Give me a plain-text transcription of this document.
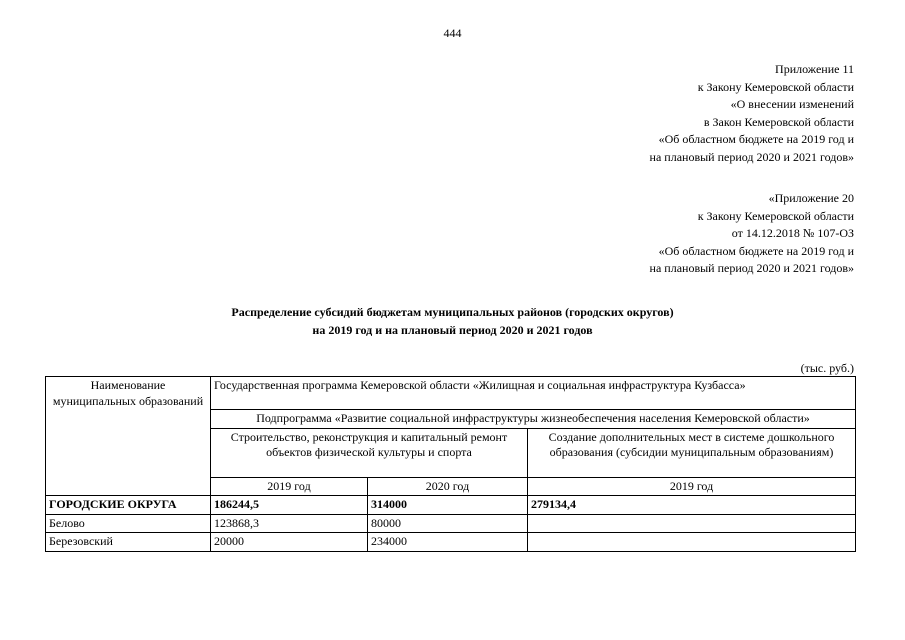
444
Приложение 11
к Закону Кемеровской области
«О внесении изменений
в Закон Кемеровской области
«Об областном бюджете на 2019 год и
на плановый период 2020 и 2021 годов»
«Приложение 20
к Закону Кемеровской области
от 14.12.2018 № 107-ОЗ
«Об областном бюджете на 2019 год и
на плановый период 2020 и 2021 годов»
Распределение субсидий бюджетам муниципальных районов (городских округов)
на 2019 год и на плановый период 2020 и 2021 годов
(тыс. руб.)
Наименование муниципальных образований	Государственная программа Кемеровской области «Жилищная и социальная инфраструктура Кузбасса»		
	Подпрограмма «Развитие социальной инфраструктуры жизнеобеспечения населения Кемеровской области»		
	Строительство, реконструкция и капитальный ремонт объектов физической культуры и спорта		Создание дополнительных мест в системе дошкольного образования (субсидии муниципальным образованиям)
	2019 год	2020 год	2019 год
ГОРОДСКИЕ ОКРУГА	186244,5	314000	279134,4
Белово	123868,3	80000	
Березовский	20000	234000	
